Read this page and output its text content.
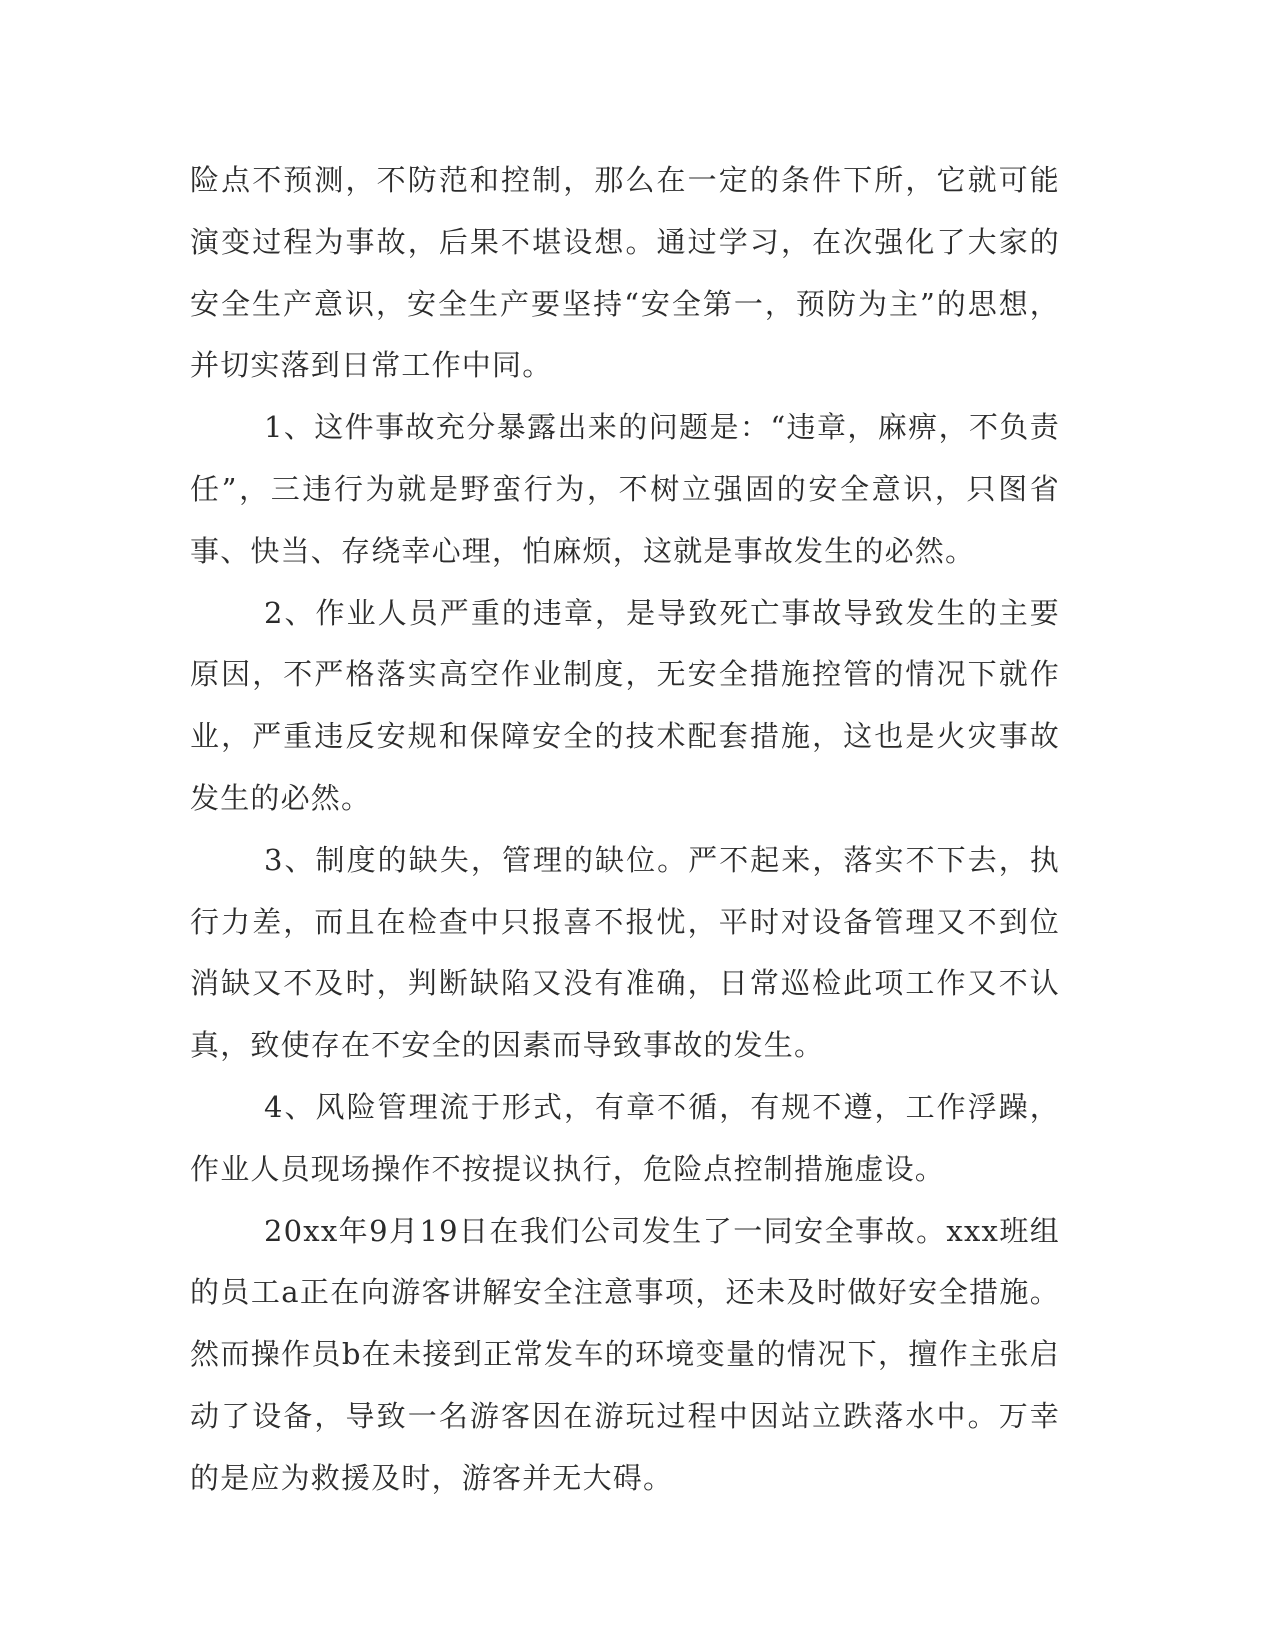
险点不预测，不防范和控制，那么在一定的条件下所，它就可能演变过程为事故，后果不堪设想。通过学习，在次强化了大家的安全生产意识，安全生产要坚持“安全第一，预防为主”的思想，并切实落到日常工作中同。

1、这件事故充分暴露出来的问题是：“违章，麻痹，不负责任”，三违行为就是野蛮行为，不树立强固的安全意识，只图省事、快当、存绕幸心理，怕麻烦，这就是事故发生的必然。

2、作业人员严重的违章，是导致死亡事故导致发生的主要原因，不严格落实高空作业制度，无安全措施控管的情况下就作业，严重违反安规和保障安全的技术配套措施，这也是火灾事故发生的必然。

3、制度的缺失，管理的缺位。严不起来，落实不下去，执行力差，而且在检查中只报喜不报忧，平时对设备管理又不到位消缺又不及时，判断缺陷又没有准确，日常巡检此项工作又不认真，致使存在不安全的因素而导致事故的发生。

4、风险管理流于形式，有章不循，有规不遵，工作浮躁，作业人员现场操作不按提议执行，危险点控制措施虚设。

20xx年9月19日在我们公司发生了一同安全事故。xxx班组的员工a正在向游客讲解安全注意事项，还未及时做好安全措施。然而操作员b在未接到正常发车的环境变量的情况下，擅作主张启动了设备，导致一名游客因在游玩过程中因站立跌落水中。万幸的是应为救援及时，游客并无大碍。
